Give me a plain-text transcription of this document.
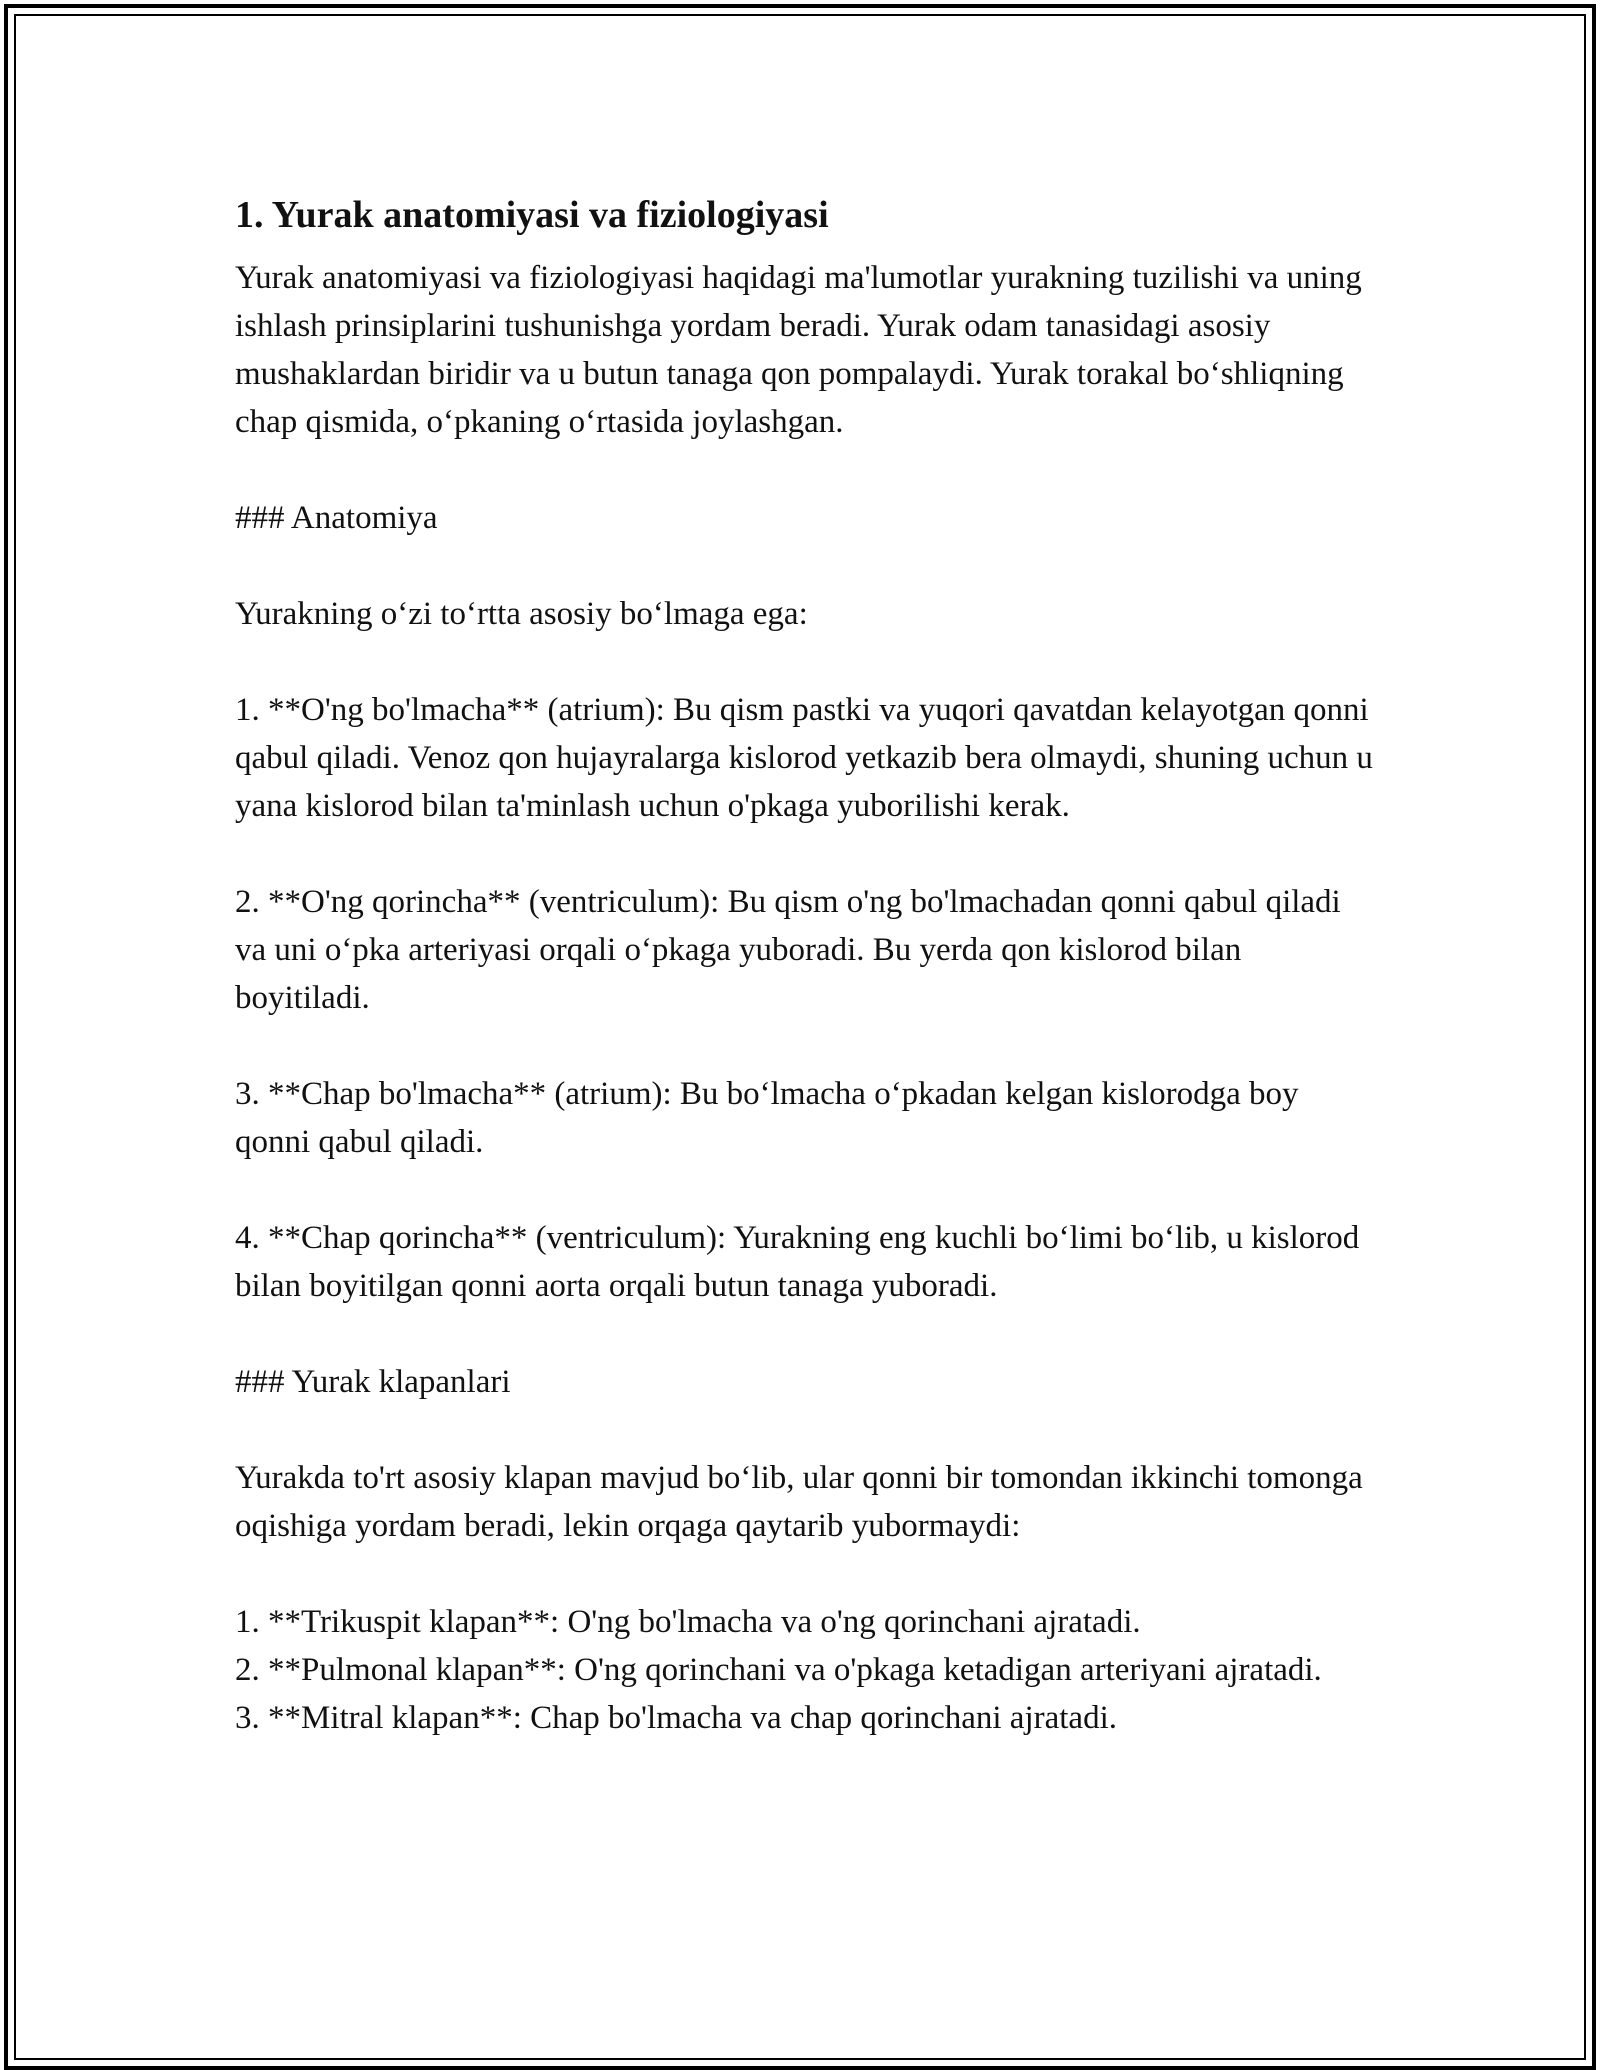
1. Yurak anatomiyasi va fiziologiyasi

Yurak anatomiyasi va fiziologiyasi haqidagi ma'lumotlar yurakning tuzilishi va uning ishlash prinsiplarini tushunishga yordam beradi. Yurak odam tanasidagi asosiy mushaklardan biridir va u butun tanaga qon pompalaydi. Yurak torakal bo‘shliqning chap qismida, o‘pkaning o‘rtasida joylashgan.

### Anatomiya

Yurakning o‘zi to‘rtta asosiy bo‘lmaga ega:

1. **O'ng bo'lmacha** (atrium): Bu qism pastki va yuqori qavatdan kelayotgan qonni qabul qiladi. Venoz qon hujayralarga kislorod yetkazib bera olmaydi, shuning uchun u yana kislorod bilan ta'minlash uchun o'pkaga yuborilishi kerak.

2. **O'ng qorincha** (ventriculum): Bu qism o'ng bo'lmachadan qonni qabul qiladi va uni o‘pka arteriyasi orqali o‘pkaga yuboradi. Bu yerda qon kislorod bilan boyitiladi.

3. **Chap bo'lmacha** (atrium): Bu bo‘lmacha o‘pkadan kelgan kislorodga boy qonni qabul qiladi.

4. **Chap qorincha** (ventriculum): Yurakning eng kuchli bo‘limi bo‘lib, u kislorod bilan boyitilgan qonni aorta orqali butun tanaga yuboradi.

### Yurak klapanlari

Yurakda to'rt asosiy klapan mavjud bo‘lib, ular qonni bir tomondan ikkinchi tomonga oqishiga yordam beradi, lekin orqaga qaytarib yubormaydi:

1. **Trikuspit klapan**: O'ng bo'lmacha va o'ng qorinchani ajratadi.

2. **Pulmonal klapan**: O'ng qorinchani va o'pkaga ketadigan arteriyani ajratadi.

3. **Mitral klapan**: Chap bo'lmacha va chap qorinchani ajratadi.
